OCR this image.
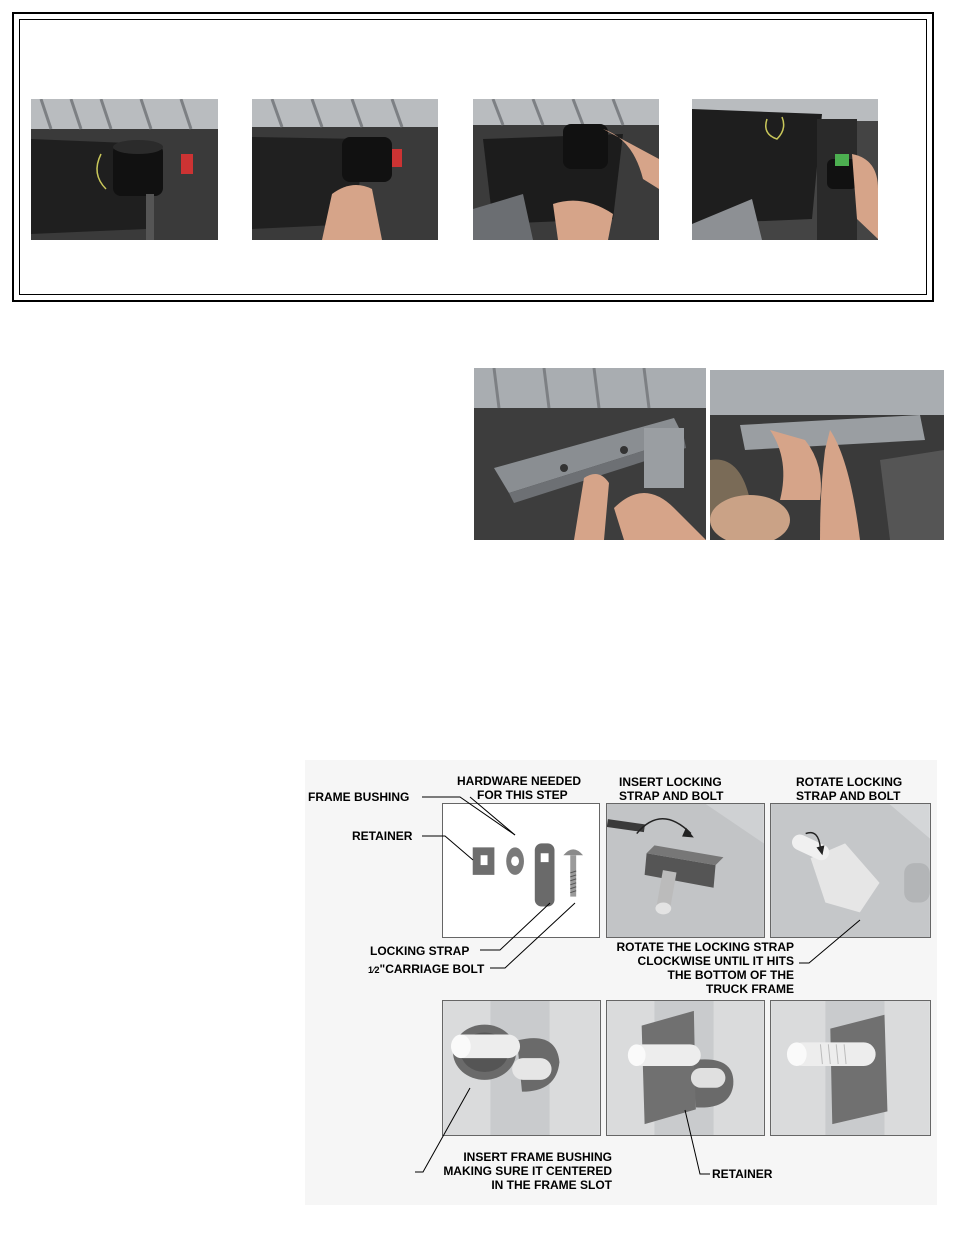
FRAME BUSHING
HARDWARE NEEDED
FOR THIS STEP
RETAINER
INSERT LOCKING
STRAP AND BOLT
ROTATE LOCKING
STRAP AND BOLT
LOCKING STRAP
1⁄2"CARRIAGE BOLT
ROTATE THE LOCKING STRAP
CLOCKWISE UNTIL IT HITS
THE BOTTOM OF THE
TRUCK FRAME
INSERT FRAME BUSHING
MAKING SURE IT CENTERED
IN THE FRAME SLOT
RETAINER
